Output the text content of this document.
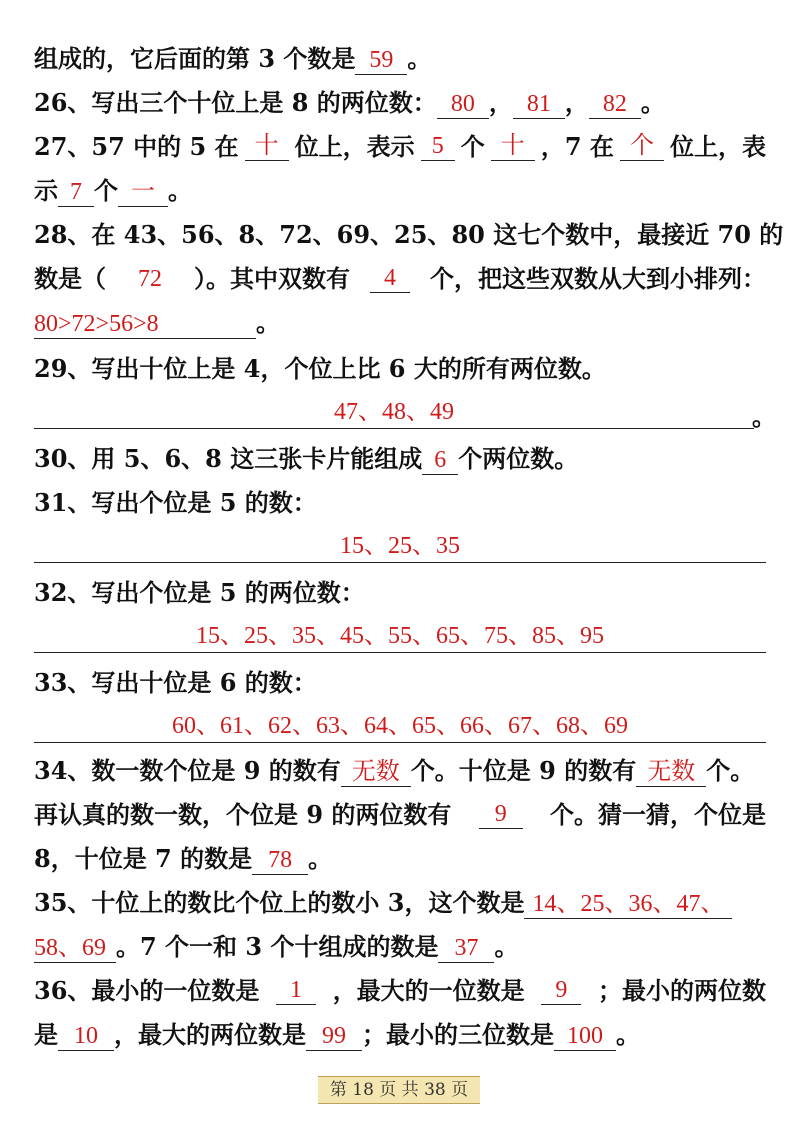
组成的，它后面的第 3 个数是 59 。
26、写出三个十位上是 8 的两位数： 80 ， 81 ， 82 。
27、57 中的 5 在 十 位上，表示 5 个 十 ，7 在 个 位上，表
示 7 个 一 。
28、在 43、56、8、72、69、25、80 这七个数中，最接近 70 的
数是（	72	）。其中双数有	4	个，把这些双数从大到小排列：
80>72>56>8	。
29、写出十位上是 4，个位上比 6 大的所有两位数。
47、48、49	。
30、用 5、6、8 这三张卡片能组成 6 个两位数。
31、写出个位是 5 的数：
15、25、35
32、写出个位是 5 的两位数：
15、25、35、45、55、65、75、85、95
33、写出十位是 6 的数：
60、61、62、63、64、65、66、67、68、69
34、数一数个位是 9 的数有 无数 个。十位是 9 的数有 无数 个。
再认真的数一数，个位是 9 的两位数有	9	个。猜一猜，个位是
8，十位是 7 的数是 78 。
35、十位上的数比个位上的数小 3，这个数是 14、25、36、47、
58、69 。7 个一和 3 个十组成的数是 37 。
36、最小的一位数是	1	，最大的一位数是	9	；最小的两位数
是 10 ，最大的两位数是 99 ；最小的三位数是 100 。
第 18 页 共 38 页
